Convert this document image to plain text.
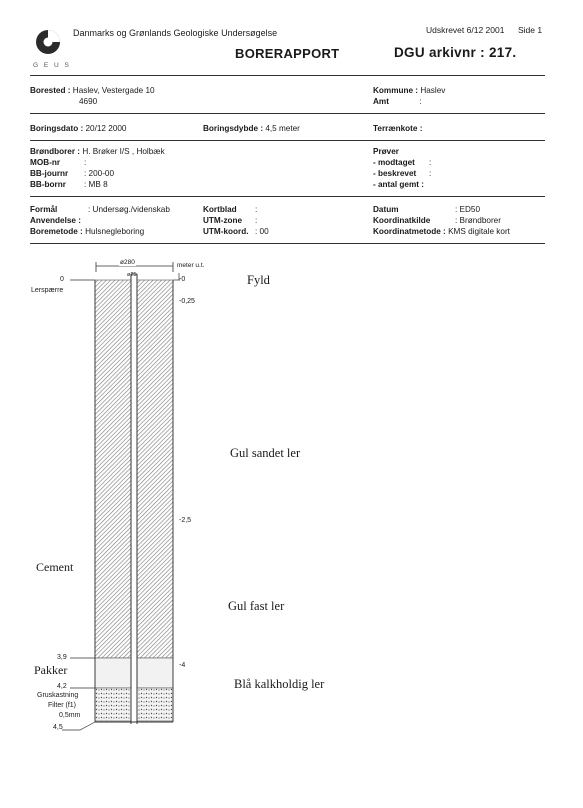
G E U S
Danmarks og Grønlands Geologiske Undersøgelse	Udskrevet 6/12 2001 Side 1
BORERAPPORT	DGU arkivnr : 217.
Borested : Haslev, Vestergade 10
4690
Kommune : Haslev
Amt	:
Boringsdato : 20/12 2000	Boringsdybde : 4,5 meter	Terrænkote :
Brøndborer : H. Brøker I/S , Holbæk
MOB-nr	:
BB-journr : 200-00
BB-bornr : MB 8
Prøver
- modtaget :
- beskrevet :
- antal gemt :
Formål	: Undersøg./videnskab
Anvendelse :
Boremetode : Hulsnegleboring
Kortblad :
UTM-zone :
UTM-koord. : 00
Datum	: ED50
Koordinatkilde	: Brøndborer
Koordinatmetode : KMS digitale kort
ø280
ø25
meter u.t.
0
Lerspærre
Cement
3,9
Pakker
4,2
Gruskastning
Filter (f1)
0,5mm
4,5
-0
-0,25
-2,5
-4
Fyld
Gul sandet ler
Gul fast ler
Blå kalkholdig ler
